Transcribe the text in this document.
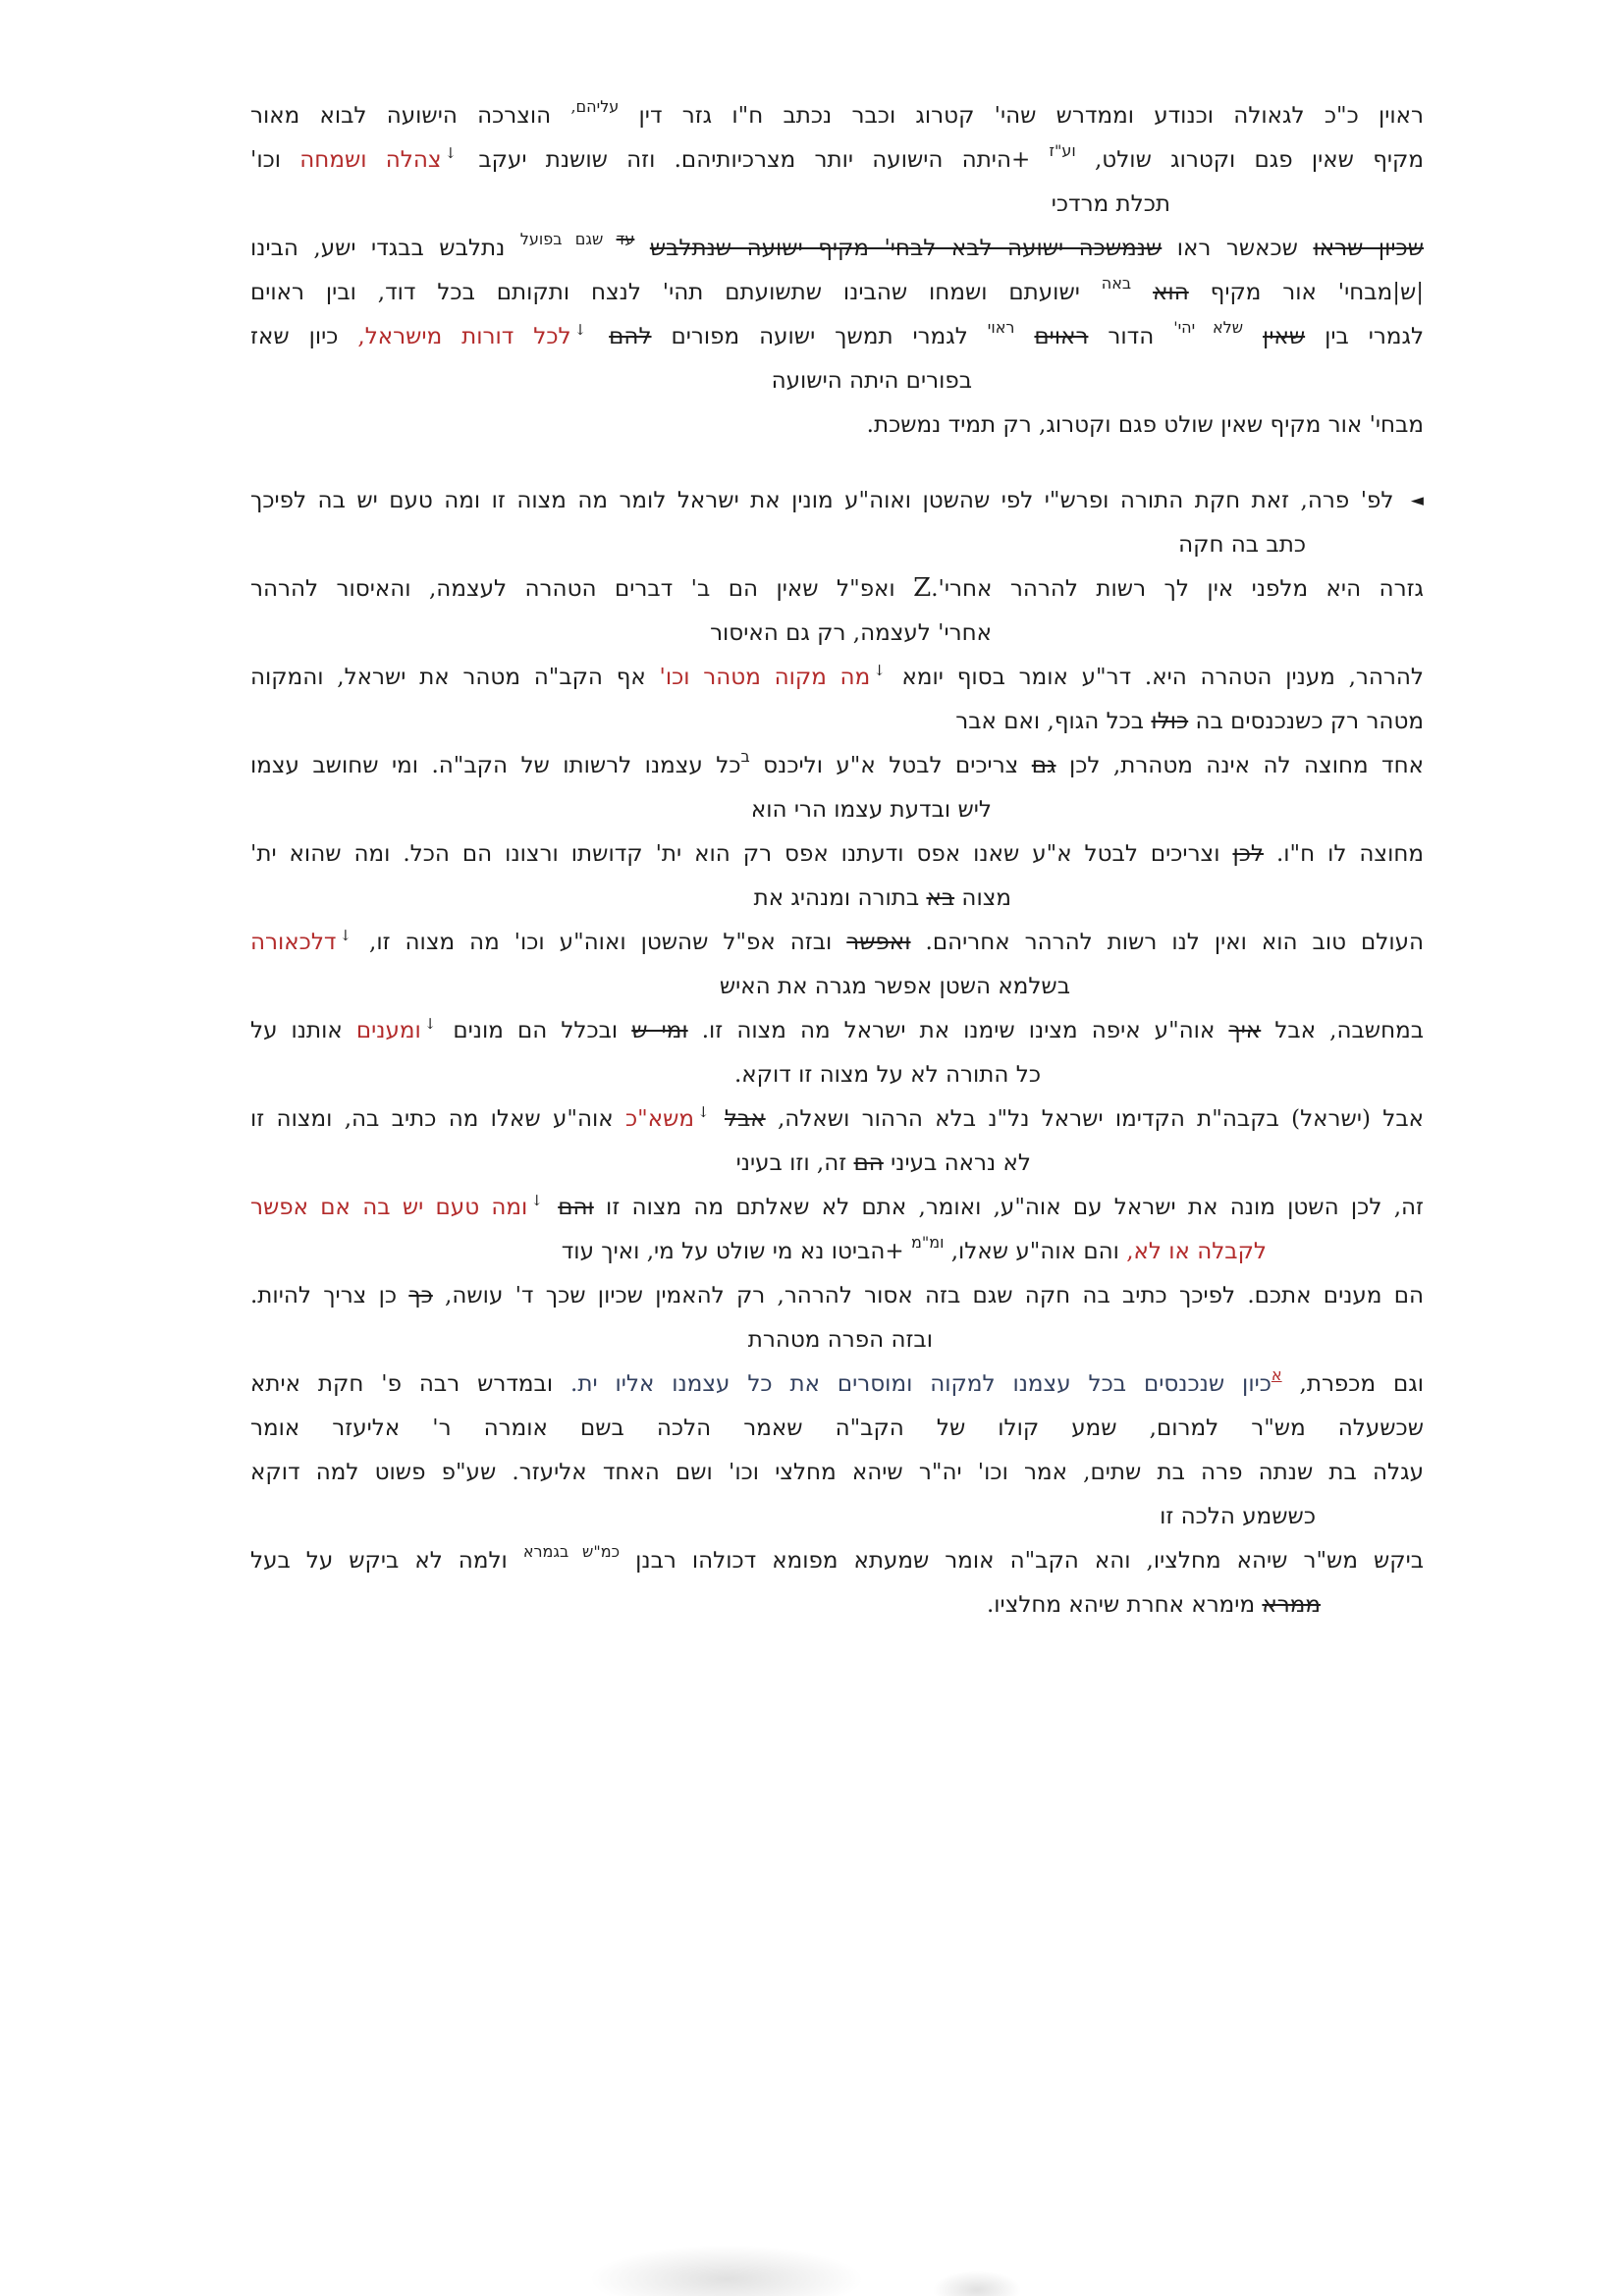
ראוין כ"כ לגאולה וכנודע וממדרש שהי' קטרוג וכבר נכתב ח"ו גזר דין $^{עליהם,}$ הוצרכה הישועה לבוא מאור
מקיף שאין פגם וקטרוג שולט, $^{וע"ז}$ +היתה הישועה יותר מצרכיותיהם. וזה שושנת יעקב ↓צהלה ושמחה וכו'
תכלת מרדכי
שכיון שראו שכאשר ראו שנמשכה ישועה לבא לבחי' מקיף ישועה שנתלבש $^{עד}$ $^{שגם בפועל}$ נתלבש בבגדי ישע, הבינו
|ש|מבחי' אור מקיף הוא $^{באה}$ ישועתם ושמחו שהבינו שתשועתם תהי' לנצח ותקותם בכל דוד, ובין ראוים
לגמרי בין שאין $^{שלא יהי'}$ הדור ראוים $^{ראוי}$ לגמרי תמשך ישועה מפורים להם ↓לכל דורות מישראל, כיון שאז
בפורים היתה הישועה
מבחי' אור מקיף שאין שולט פגם וקטרוג, רק תמיד נמשכת.
◄ לפ' פרה, זאת חקת התורה ופרש"י לפי שהשטן ואוה"ע מונין את ישראל לומר מה מצוה זו ומה טעם יש בה לפיכך
כתב בה חקה
גזרה היא מלפני אין לך רשות להרהר אחרי'.Z ואפ"ל שאין הם ב' דברים הטהרה לעצמה, והאיסור להרהר
אחרי' לעצמה, רק גם האיסור
להרהר, מענין הטהרה היא. דר"ע אומר בסוף יומא ↓מה מקוה מטהר וכו' אף הקב"ה מטהר את ישראל, והמקוה
מטהר רק כשנכנסים בה כולו בכל הגוף, ואם אבר
אחד מחוצה לה אינה מטהרת, לכן גם צריכים לבטל א"ע וליכנס $^ב$כל עצמנו לרשותו של הקב"ה. ומי שחושב עצמו
ליש ובדעת עצמו הרי הוא
מחוצה לו ח"ו. לכן וצריכים לבטל א"ע שאנו אפס ודעתנו אפס רק הוא ית' קדושתו ורצונו הם הכל. ומה שהוא ית'
מצוה בא בתורה ומנהיג את
העולם טוב הוא ואין לנו רשות להרהר אחריהם. ואפשר ובזה אפ"ל שהשטן ואוה"ע וכו' מה מצוה זו, ↓דלכאורה
בשלמא השטן אפשר מגרה את האיש
במחשבה, אבל איך אוה"ע איפה מצינו שימנו את ישראל מה מצוה זו. ומי ש ובכלל הם מונים ↓ומענים אותנו על
כל התורה לא על מצוה זו דוקא.
אבל (ישראל) בקבה"ת הקדימו ישראל נל"נ בלא הרהור ושאלה, אבל ↓משא"כ אוה"ע שאלו מה כתיב בה, ומצוה זו
לא נראה בעיני הם זה, וזו בעיני
זה, לכן השטן מונה את ישראל עם אוה"ע, ואומר, אתם לא שאלתם מה מצוה זו והם ↓ומה טעם יש בה אם אפשר
לקבלה או לא, והם אוה"ע שאלו, $^{ומ"מ}$ +הביטו נא מי שולט על מי, ואיך עוד
הם מענים אתכם. לפיכך כתיב בה חקה שגם בזה אסור להרהר, רק להאמין שכיון שכך ד' עושה, כך כן צריך להיות.
ובזה הפרה מטהרת
וגם מכפרת, $^א$כיון שנכנסים בכל עצמנו למקוה ומוסרים את כל עצמנו אליו ית. ובמדרש רבה פ' חקת איתא
שכשעלה מש"ר למרום, שמע קולו של הקב"ה שאמר הלכה בשם אומרה ר' אליעזר אומר
עגלה בת שנתה פרה בת שתים, אמר וכו' יה"ר שיהא מחלצי וכו' ושם האחד אליעזר. שע"פ פשוט למה דוקא
כששמע הלכה זו
ביקש מש"ר שיהא מחלציו, והא הקב"ה אומר שמעתא מפומא דכולהו רבנן $^{כמ"ש בגמרא}$ ולמה לא ביקש על בעל
ממרא מימרא אחרת שיהא מחלציו.
